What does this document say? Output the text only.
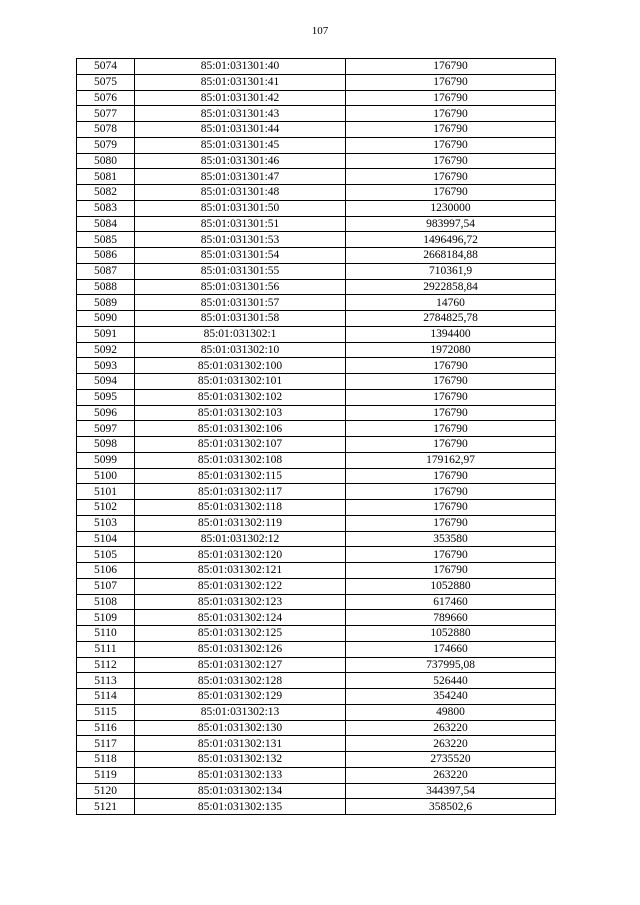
107
5074	85:01:031301:40	176790
5075	85:01:031301:41	176790
5076	85:01:031301:42	176790
5077	85:01:031301:43	176790
5078	85:01:031301:44	176790
5079	85:01:031301:45	176790
5080	85:01:031301:46	176790
5081	85:01:031301:47	176790
5082	85:01:031301:48	176790
5083	85:01:031301:50	1230000
5084	85:01:031301:51	983997,54
5085	85:01:031301:53	1496496,72
5086	85:01:031301:54	2668184,88
5087	85:01:031301:55	710361,9
5088	85:01:031301:56	2922858,84
5089	85:01:031301:57	14760
5090	85:01:031301:58	2784825,78
5091	85:01:031302:1	1394400
5092	85:01:031302:10	1972080
5093	85:01:031302:100	176790
5094	85:01:031302:101	176790
5095	85:01:031302:102	176790
5096	85:01:031302:103	176790
5097	85:01:031302:106	176790
5098	85:01:031302:107	176790
5099	85:01:031302:108	179162,97
5100	85:01:031302:115	176790
5101	85:01:031302:117	176790
5102	85:01:031302:118	176790
5103	85:01:031302:119	176790
5104	85:01:031302:12	353580
5105	85:01:031302:120	176790
5106	85:01:031302:121	176790
5107	85:01:031302:122	1052880
5108	85:01:031302:123	617460
5109	85:01:031302:124	789660
5110	85:01:031302:125	1052880
5111	85:01:031302:126	174660
5112	85:01:031302:127	737995,08
5113	85:01:031302:128	526440
5114	85:01:031302:129	354240
5115	85:01:031302:13	49800
5116	85:01:031302:130	263220
5117	85:01:031302:131	263220
5118	85:01:031302:132	2735520
5119	85:01:031302:133	263220
5120	85:01:031302:134	344397,54
5121	85:01:031302:135	358502,6
